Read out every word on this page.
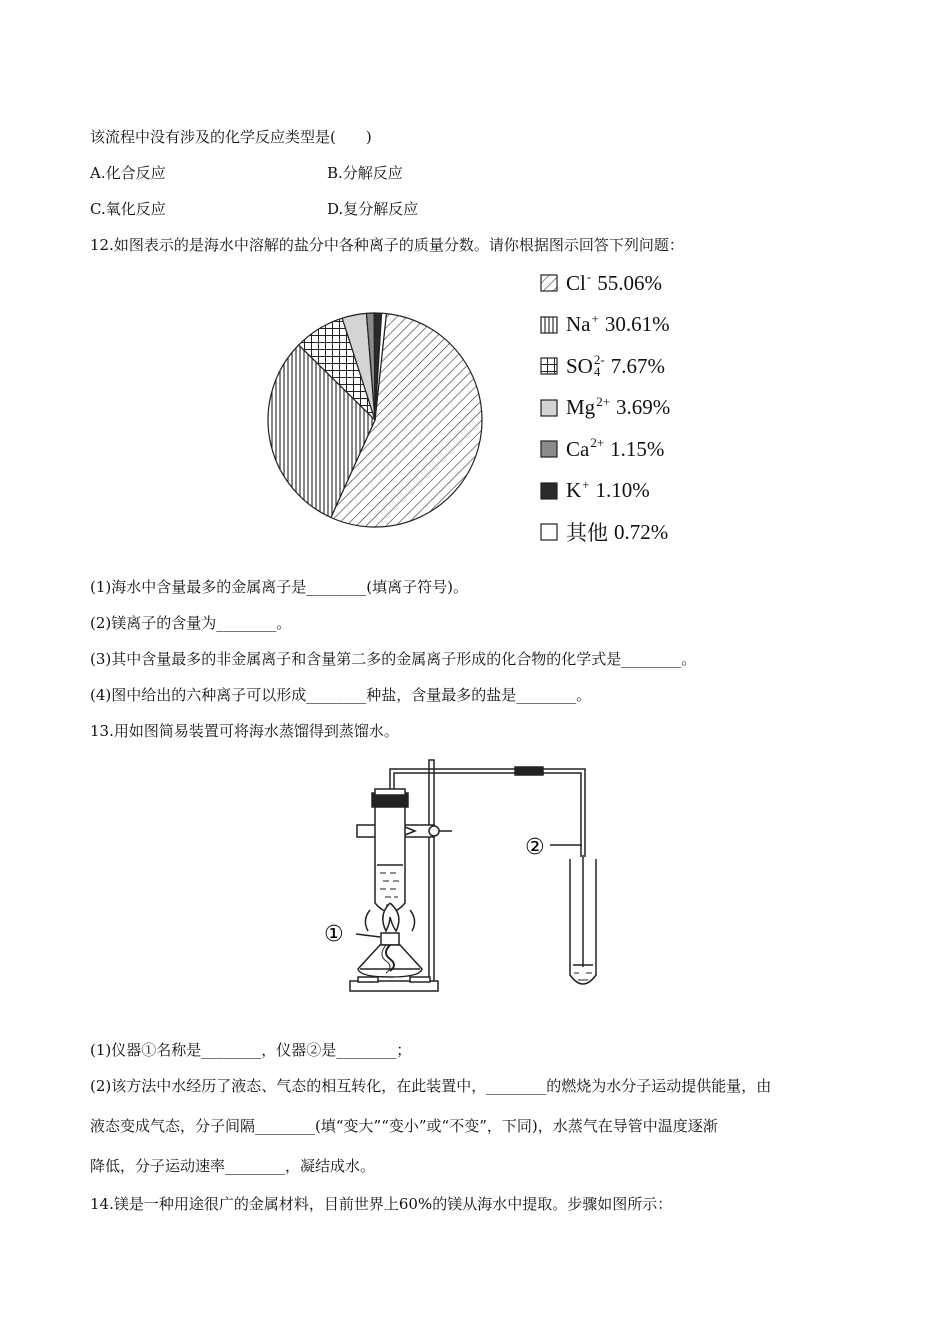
该流程中没有涉及的化学反应类型是(　　)
A.化合反应	B.分解反应
C.氧化反应	D.复分解反应
12.如图表示的是海水中溶解的盐分中各种离子的质量分数。请你根据图示回答下列问题：
Cl -
55.06%
Na +
30.61%
SO 2-
4 7.67%
Mg 2+
3.69%
Ca 2+
1.15%
K +
1.10%
其他 0.72%
(1)海水中含量最多的金属离子是________(填离子符号)。
(2)镁离子的含量为________。
(3)其中含量最多的非金属离子和含量第二多的金属离子形成的化合物的化学式是________。
(4)图中给出的六种离子可以形成________种盐，含量最多的盐是________。
13.用如图简易装置可将海水蒸馏得到蒸馏水。
①
②
(1)仪器①名称是________，仪器②是________；
(2)该方法中水经历了液态、气态的相互转化，在此装置中，________的燃烧为水分子运动提供能量，由
液态变成气态，分子间隔________(填“变大”“变小”或“不变”，下同)，水蒸气在导管中温度逐渐
降低，分子运动速率________，凝结成水。
14.镁是一种用途很广的金属材料，目前世界上60%的镁从海水中提取。步骤如图所示：
